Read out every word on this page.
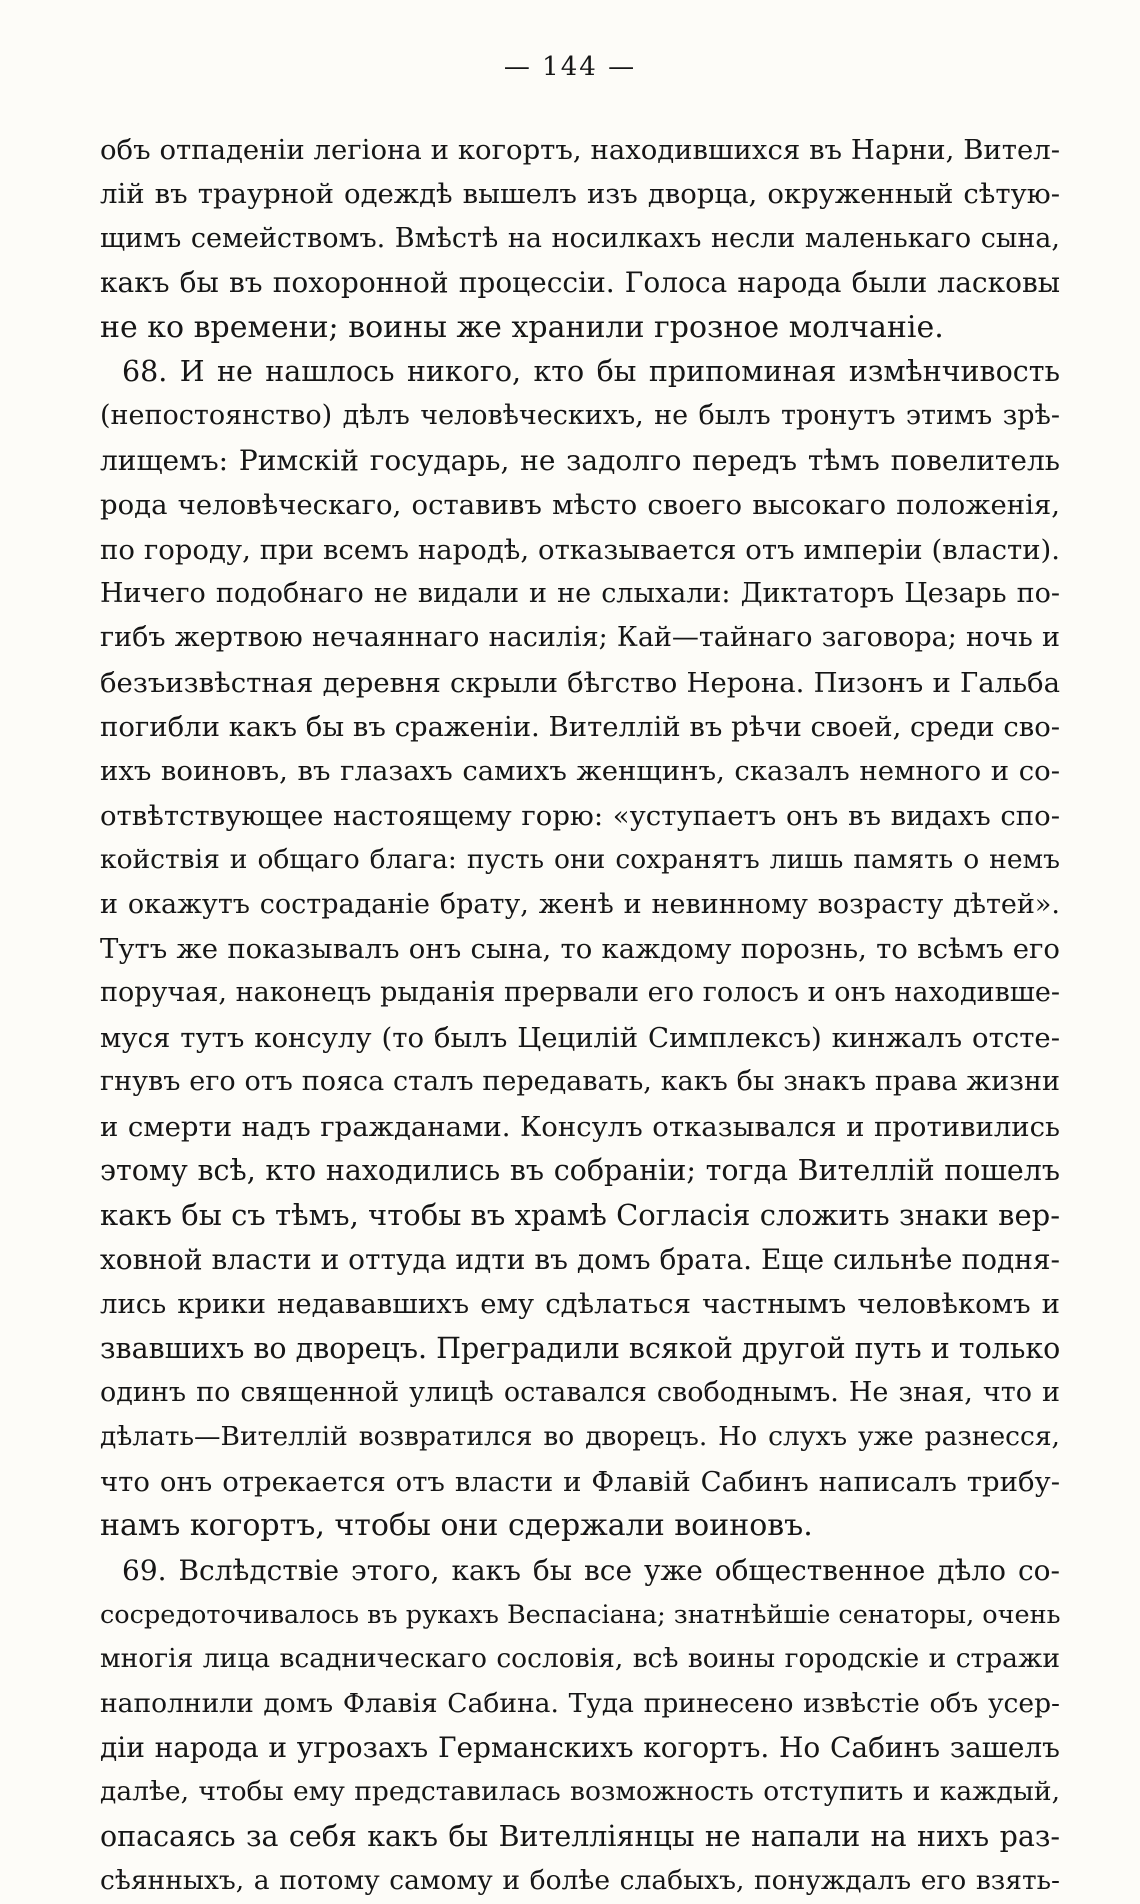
— 144 —
объ отпаденіи легіона и когортъ, находившихся въ Нарни, Вител-
лій въ траурной одеждѣ вышелъ изъ дворца, окруженный сѣтую-
щимъ семействомъ. Вмѣстѣ на носилкахъ несли маленькаго сына,
какъ бы въ похоронной процессіи. Голоса народа были ласковы
не ко времени; воины же хранили грозное молчаніе.
68. И не нашлось никого, кто бы припоминая измѣнчивость
(непостоянство) дѣлъ человѣческихъ, не былъ тронутъ этимъ зрѣ-
лищемъ: Римскій государь, не задолго передъ тѣмъ повелитель
рода человѣческаго, оставивъ мѣсто своего высокаго положенія,
по городу, при всемъ народѣ, отказывается отъ имперіи (власти).
Ничего подобнаго не видали и не слыхали: Диктаторъ Цезарь по-
гибъ жертвою нечаяннаго насилія; Кай—тайнаго заговора; ночь и
безъизвѣстная деревня скрыли бѣгство Нерона. Пизонъ и Гальба
погибли какъ бы въ сраженіи. Вителлій въ рѣчи своей, среди сво-
ихъ воиновъ, въ глазахъ самихъ женщинъ, сказалъ немного и со-
отвѣтствующее настоящему горю: «уступаетъ онъ въ видахъ спо-
койствія и общаго блага: пусть они сохранятъ лишь память о немъ
и окажутъ состраданіе брату, женѣ и невинному возрасту дѣтей».
Тутъ же показывалъ онъ сына, то каждому порознь, то всѣмъ его
поручая, наконецъ рыданія прервали его голосъ и онъ находивше-
муся тутъ консулу (то былъ Цецилій Симплексъ) кинжалъ отсте-
гнувъ его отъ пояса сталъ передавать, какъ бы знакъ права жизни
и смерти надъ гражданами. Консулъ отказывался и противились
этому всѣ, кто находились въ собраніи; тогда Вителлій пошелъ
какъ бы съ тѣмъ, чтобы въ храмѣ Согласія сложить знаки вер-
ховной власти и оттуда идти въ домъ брата. Еще сильнѣе подня-
лись крики недававшихъ ему сдѣлаться частнымъ человѣкомъ и
звавшихъ во дворецъ. Преградили всякой другой путь и только
одинъ по священной улицѣ оставался свободнымъ. Не зная, что и
дѣлать—Вителлій возвратился во дворецъ. Но слухъ уже разнесся,
что онъ отрекается отъ власти и Флавій Сабинъ написалъ трибу-
намъ когортъ, чтобы они сдержали воиновъ.
69. Вслѣдствіе этого, какъ бы все уже общественное дѣло со-
сосредоточивалось въ рукахъ Веспасіана; знатнѣйшіе сенаторы, очень
многія лица всадническаго сословія, всѣ воины городскіе и стражи
наполнили домъ Флавія Сабина. Туда принесено извѣстіе объ усер-
діи народа и угрозахъ Германскихъ когортъ. Но Сабинъ зашелъ
далѣе, чтобы ему представилась возможность отступить и каждый,
опасаясь за себя какъ бы Вителліянцы не напали на нихъ раз-
сѣянныхъ, а потому самому и болѣе слабыхъ, понуждалъ его взять-
